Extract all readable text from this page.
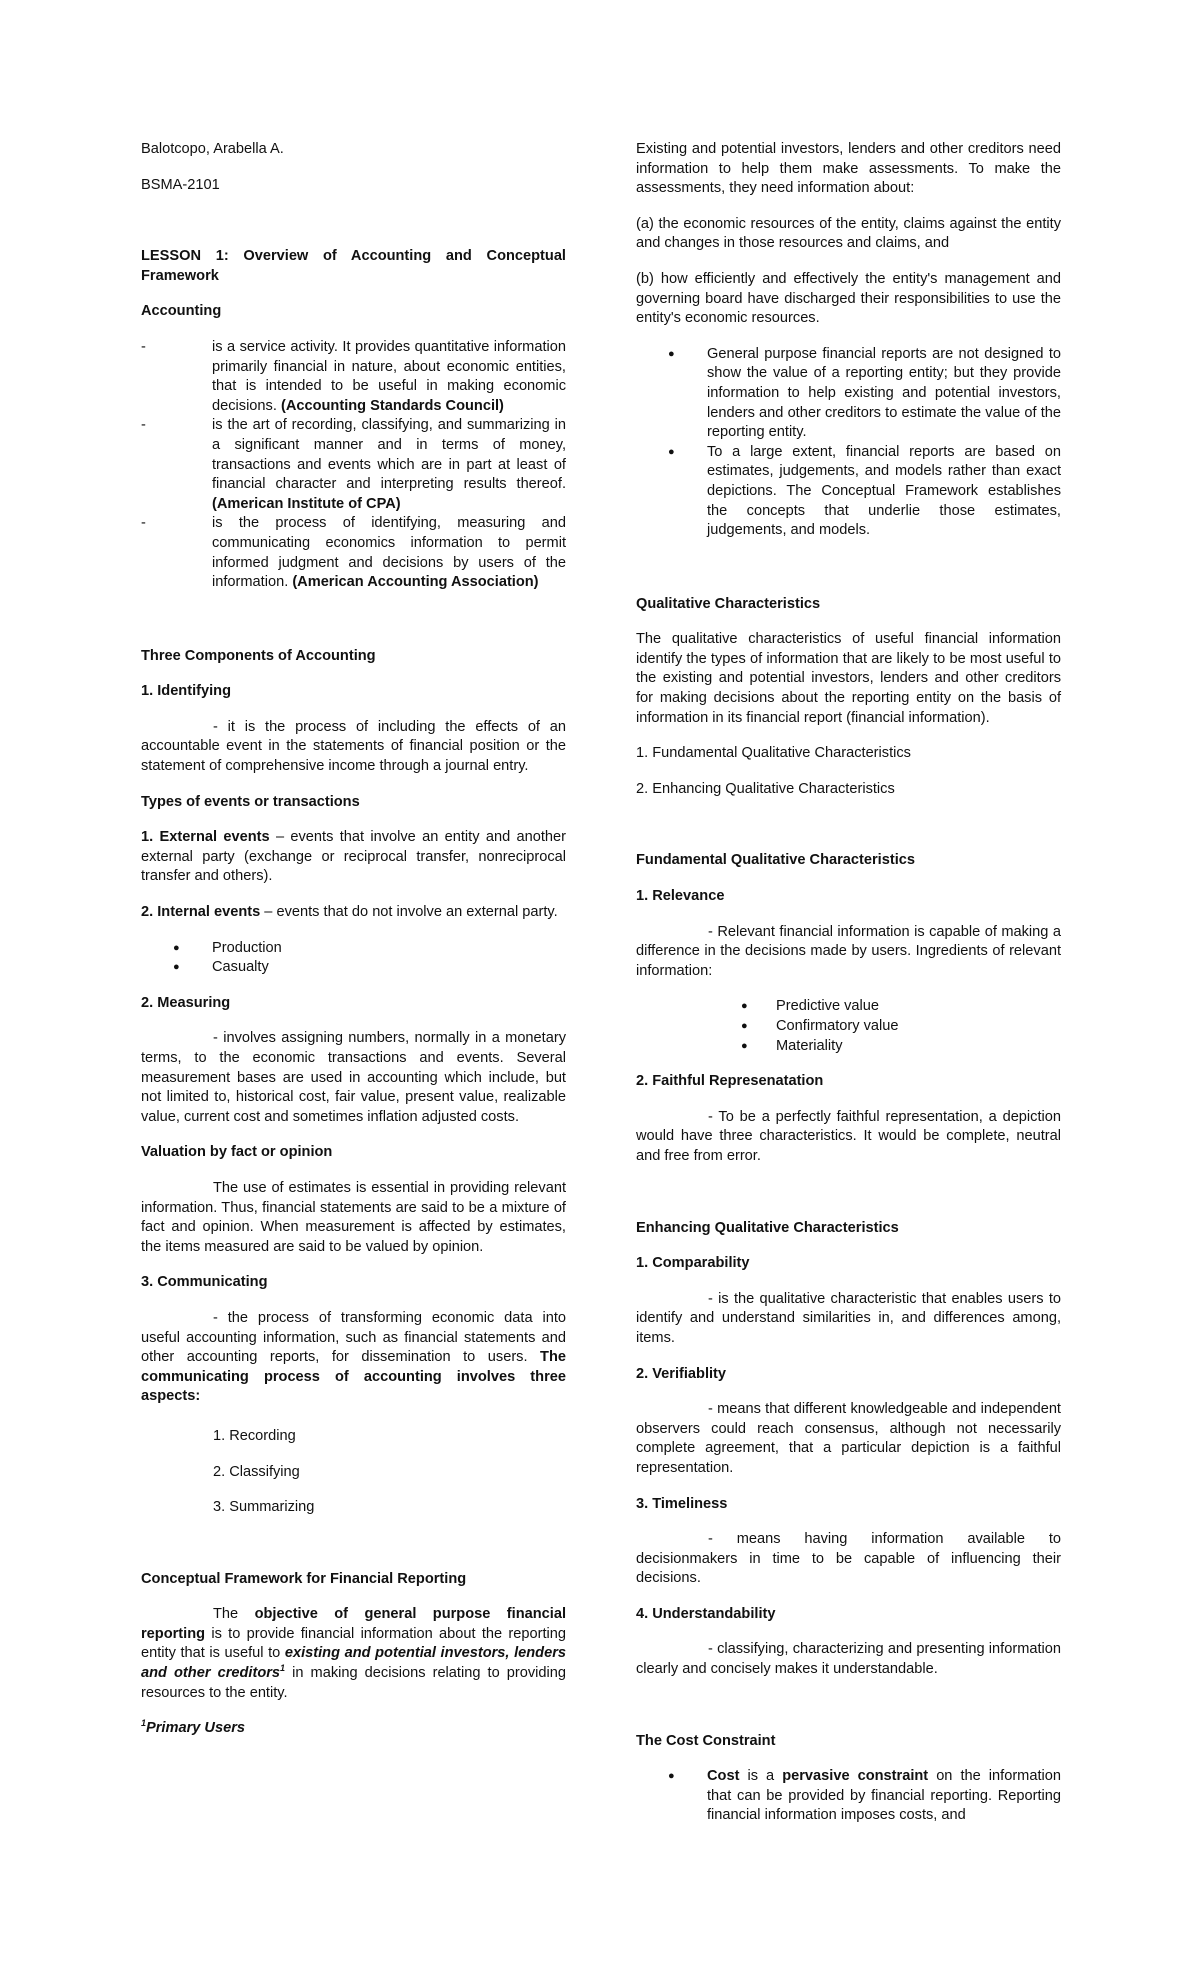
Balotcopo, Arabella A.

BSMA-2101

LESSON 1: Overview of Accounting and Conceptual Framework

Accounting

-	is a service activity. It provides quantitative information primarily financial in nature, about economic entities, that is intended to be useful in making economic decisions. (Accounting Standards Council)
-	is the art of recording, classifying, and summarizing in a significant manner and in terms of money, transactions and events which are in part at least of financial character and interpreting results thereof. (American Institute of CPA)
-	is the process of identifying, measuring and communicating economics information to permit informed judgment and decisions by users of the information. (American Accounting Association)

Three Components of Accounting

1. Identifying

- it is the process of including the effects of an accountable event in the statements of financial position or the statement of comprehensive income through a journal entry.

Types of events or transactions

1. External events – events that involve an entity and another external party (exchange or reciprocal transfer, nonreciprocal transfer and others).

2. Internal events – events that do not involve an external party.

● Production
● Casualty

2. Measuring

- involves assigning numbers, normally in a monetary terms, to the economic transactions and events. Several measurement bases are used in accounting which include, but not limited to, historical cost, fair value, present value, realizable value, current cost and sometimes inflation adjusted costs.

Valuation by fact or opinion

The use of estimates is essential in providing relevant information. Thus, financial statements are said to be a mixture of fact and opinion. When measurement is affected by estimates, the items measured are said to be valued by opinion.

3. Communicating

- the process of transforming economic data into useful accounting information, such as financial statements and other accounting reports, for dissemination to users. The communicating process of accounting involves three aspects:

1. Recording

2. Classifying

3. Summarizing

Conceptual Framework for Financial Reporting

The objective of general purpose financial reporting is to provide financial information about the reporting entity that is useful to existing and potential investors, lenders and other creditors$^1$ in making decisions relating to providing resources to the entity.

$^1$Primary Users

Existing and potential investors, lenders and other creditors need information to help them make assessments. To make the assessments, they need information about:

(a) the economic resources of the entity, claims against the entity and changes in those resources and claims, and

(b) how efficiently and effectively the entity's management and governing board have discharged their responsibilities to use the entity's economic resources.

● General purpose financial reports are not designed to show the value of a reporting entity; but they provide information to help existing and potential investors, lenders and other creditors to estimate the value of the reporting entity.
● To a large extent, financial reports are based on estimates, judgements, and models rather than exact depictions. The Conceptual Framework establishes the concepts that underlie those estimates, judgements, and models.

Qualitative Characteristics

The qualitative characteristics of useful financial information identify the types of information that are likely to be most useful to the existing and potential investors, lenders and other creditors for making decisions about the reporting entity on the basis of information in its financial report (financial information).

1. Fundamental Qualitative Characteristics

2. Enhancing Qualitative Characteristics

Fundamental Qualitative Characteristics

1. Relevance

- Relevant financial information is capable of making a difference in the decisions made by users. Ingredients of relevant information:

● Predictive value
● Confirmatory value
● Materiality

2. Faithful Represenatation

- To be a perfectly faithful representation, a depiction would have three characteristics. It would be complete, neutral and free from error.

Enhancing Qualitative Characteristics

1. Comparability

- is the qualitative characteristic that enables users to identify and understand similarities in, and differences among, items.

2. Verifiablity

- means that different knowledgeable and independent observers could reach consensus, although not necessarily complete agreement, that a particular depiction is a faithful representation.

3. Timeliness

- means having information available to decisionmakers in time to be capable of influencing their decisions.

4. Understandability

- classifying, characterizing and presenting information clearly and concisely makes it understandable.

The Cost Constraint

● Cost is a pervasive constraint on the information that can be provided by financial reporting. Reporting financial information imposes costs, and
